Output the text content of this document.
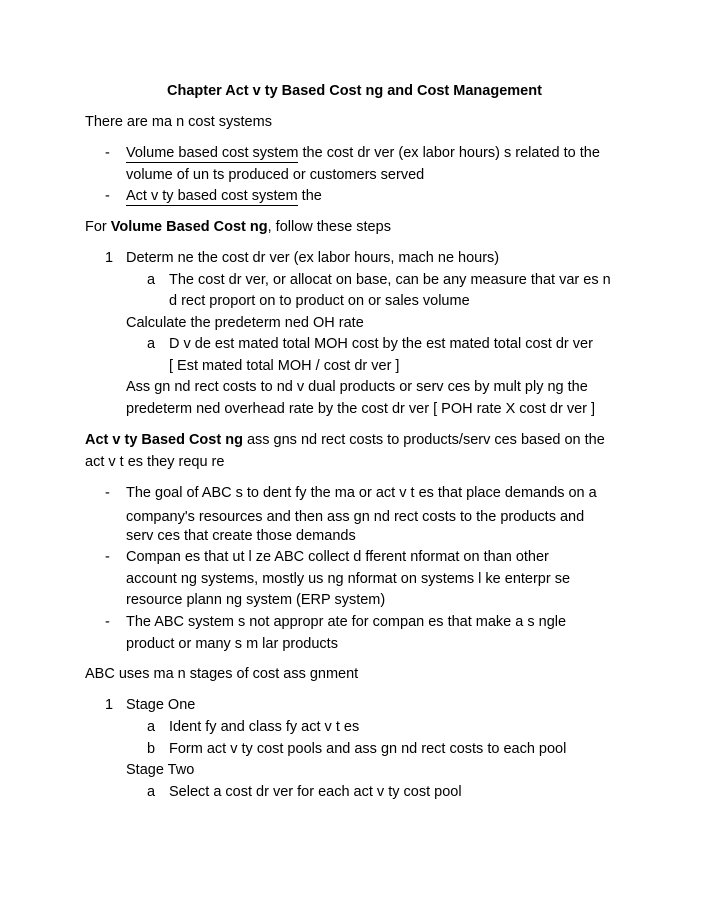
Chapter Act v ty Based Cost ng and Cost Management
There are ma n cost systems
- Volume based cost system the cost dr ver (ex labor hours) s related to the
volume of un ts produced or customers served
- Act v ty based cost system the
For Volume Based Cost ng, follow these steps
1 Determ ne the cost dr ver (ex labor hours, mach ne hours)
a The cost dr ver, or allocat on base, can be any measure that var es n
d rect proport on to product on or sales volume
Calculate the predeterm ned OH rate
a D v de est mated total MOH cost by the est mated total cost dr ver
[ Est mated total MOH / cost dr ver ]
Ass gn nd rect costs to nd v dual products or serv ces by mult ply ng the
predeterm ned overhead rate by the cost dr ver [ POH rate X cost dr ver ]
Act v ty Based Cost ng ass gns nd rect costs to products/serv ces based on the
act v t es they requ re
- The goal of ABC s to dent fy the ma or act v t es that place demands on a
company's resources and then ass gn nd rect costs to the products and
serv ces that create those demands
- Compan es that ut l ze ABC collect d fferent nformat on than other
account ng systems, mostly us ng nformat on systems l ke enterpr se
resource plann ng system (ERP system)
- The ABC system s not appropr ate for compan es that make a s ngle
product or many s m lar products
ABC uses ma n stages of cost ass gnment
1 Stage One
a Ident fy and class fy act v t es
b Form act v ty cost pools and ass gn nd rect costs to each pool
Stage Two
a Select a cost dr ver for each act v ty cost pool
